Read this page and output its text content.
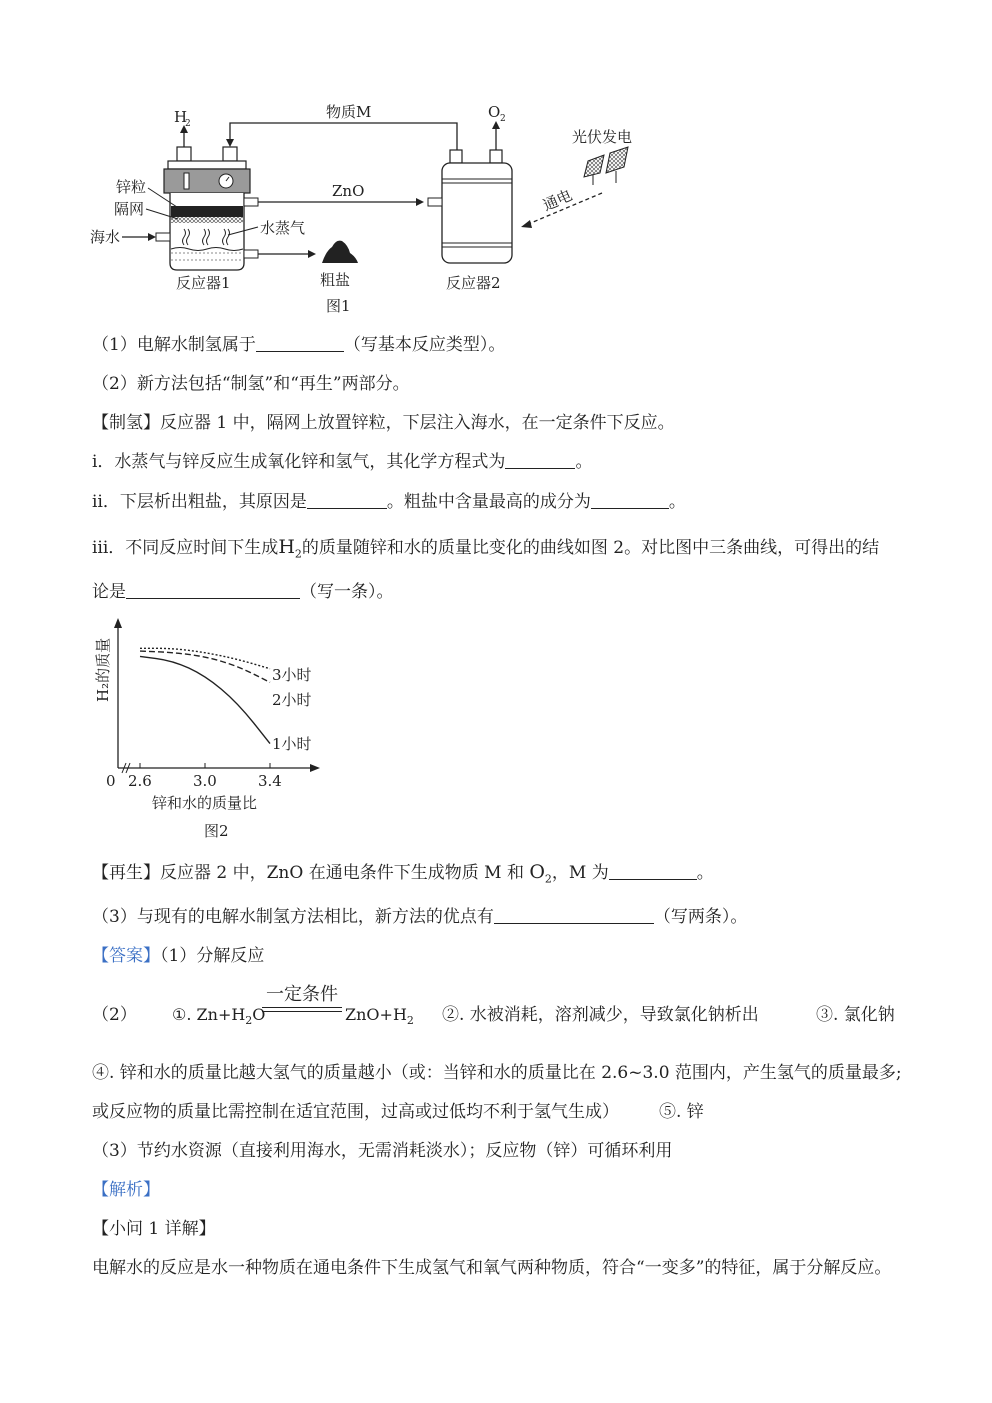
H
2
物质M
ZnO
海水
锌粒
隔网
水蒸气
粗盐
反应器1
图1
O 2
反应器2
通电
光伏发电
（1）电解水制氢属于	（写基本反应类型）。
（2）新方法包括“制氢”和“再生”两部分。
【制氢】反应器 1 中，隔网上放置锌粒，下层注入海水，在一定条件下反应。
ⅰ．水蒸气与锌反应生成氧化锌和氢气，其化学方程式为	。
ⅱ．下层析出粗盐，其原因是	。粗盐中含量最高的成分为	。
ⅲ．不同反应时间下生成$H_2$的质量随锌和水的质量比变化的曲线如图 2。对比图中三条曲线，可得出的结
论是	（写一条）。
0 2.6	3.0	3.4
3小时
2小时
1小时
H₂的质量
锌和水的质量比
图2
【再生】反应器 2 中，ZnO 在通电条件下生成物质 M 和 $O_2$，M 为	。
（3）与现有的电解水制氢方法相比，新方法的优点有	（写两条）。
【答案】（1）分解反应
（2） ①. $Zn+H_2O$
一定条件
$ZnO+H_2$ ②. 水被消耗，溶剂减少，导致氯化钠析出	③. 氯化钠
④. 锌和水的质量比越大氢气的质量越小（或：当锌和水的质量比在 2.6~3.0 范围内，产生氢气的质量最多;
或反应物的质量比需控制在适宜范围，过高或过低均不利于氢气生成） ⑤. 锌
（3）节约水资源（直接利用海水，无需消耗淡水）；反应物（锌）可循环利用
【解析】
【小问 1 详解】
电解水的反应是水一种物质在通电条件下生成氢气和氧气两种物质，符合“一变多”的特征，属于分解反应。
